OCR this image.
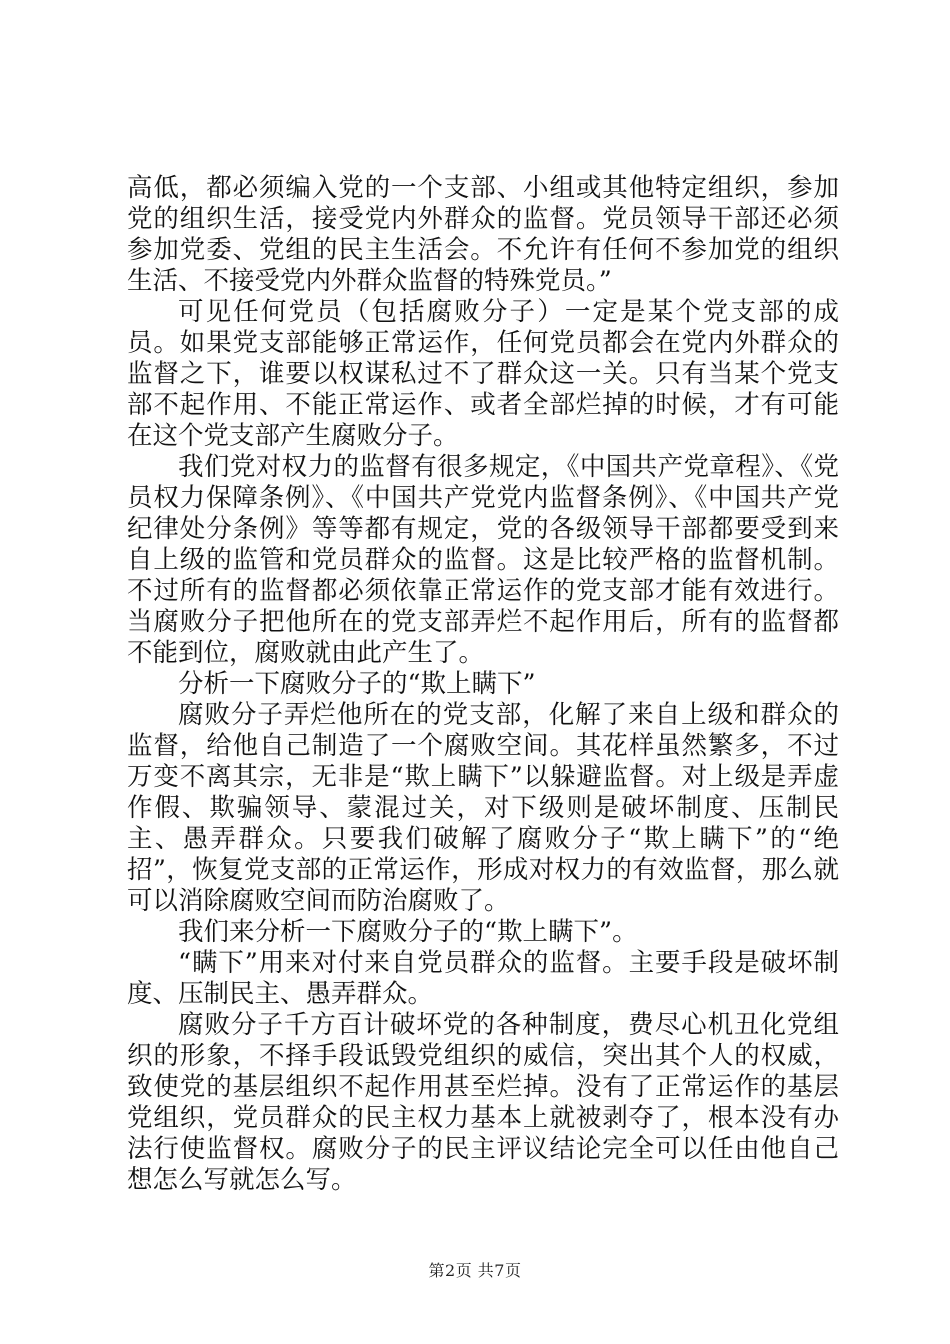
高低，都必须编入党的一个支部、小组或其他特定组织，参加党的组织生活，接受党内外群众的监督。党员领导干部还必须参加党委、党组的民主生活会。不允许有任何不参加党的组织生活、不接受党内外群众监督的特殊党员。”

可见任何党员（包括腐败分子）一定是某个党支部的成员。如果党支部能够正常运作，任何党员都会在党内外群众的监督之下，谁要以权谋私过不了群众这一关。只有当某个党支部不起作用、不能正常运作、或者全部烂掉的时候，才有可能在这个党支部产生腐败分子。

我们党对权力的监督有很多规定，《中国共产党章程》、《党员权力保障条例》、《中国共产党党内监督条例》、《中国共产党纪律处分条例》等等都有规定，党的各级领导干部都要受到来自上级的监管和党员群众的监督。这是比较严格的监督机制。不过所有的监督都必须依靠正常运作的党支部才能有效进行。当腐败分子把他所在的党支部弄烂不起作用后，所有的监督都不能到位，腐败就由此产生了。

分析一下腐败分子的“欺上瞒下”

腐败分子弄烂他所在的党支部，化解了来自上级和群众的监督，给他自己制造了一个腐败空间。其花样虽然繁多，不过万变不离其宗，无非是“欺上瞒下”以躲避监督。对上级是弄虚作假、欺骗领导、蒙混过关，对下级则是破坏制度、压制民主、愚弄群众。只要我们破解了腐败分子“欺上瞒下”的“绝招”，恢复党支部的正常运作，形成对权力的有效监督，那么就可以消除腐败空间而防治腐败了。

我们来分析一下腐败分子的“欺上瞒下”。

“瞒下”用来对付来自党员群众的监督。主要手段是破坏制度、压制民主、愚弄群众。

腐败分子千方百计破坏党的各种制度，费尽心机丑化党组织的形象，不择手段诋毁党组织的威信，突出其个人的权威，致使党的基层组织不起作用甚至烂掉。没有了正常运作的基层党组织，党员群众的民主权力基本上就被剥夺了，根本没有办法行使监督权。腐败分子的民主评议结论完全可以任由他自己想怎么写就怎么写。

第2页 共7页
